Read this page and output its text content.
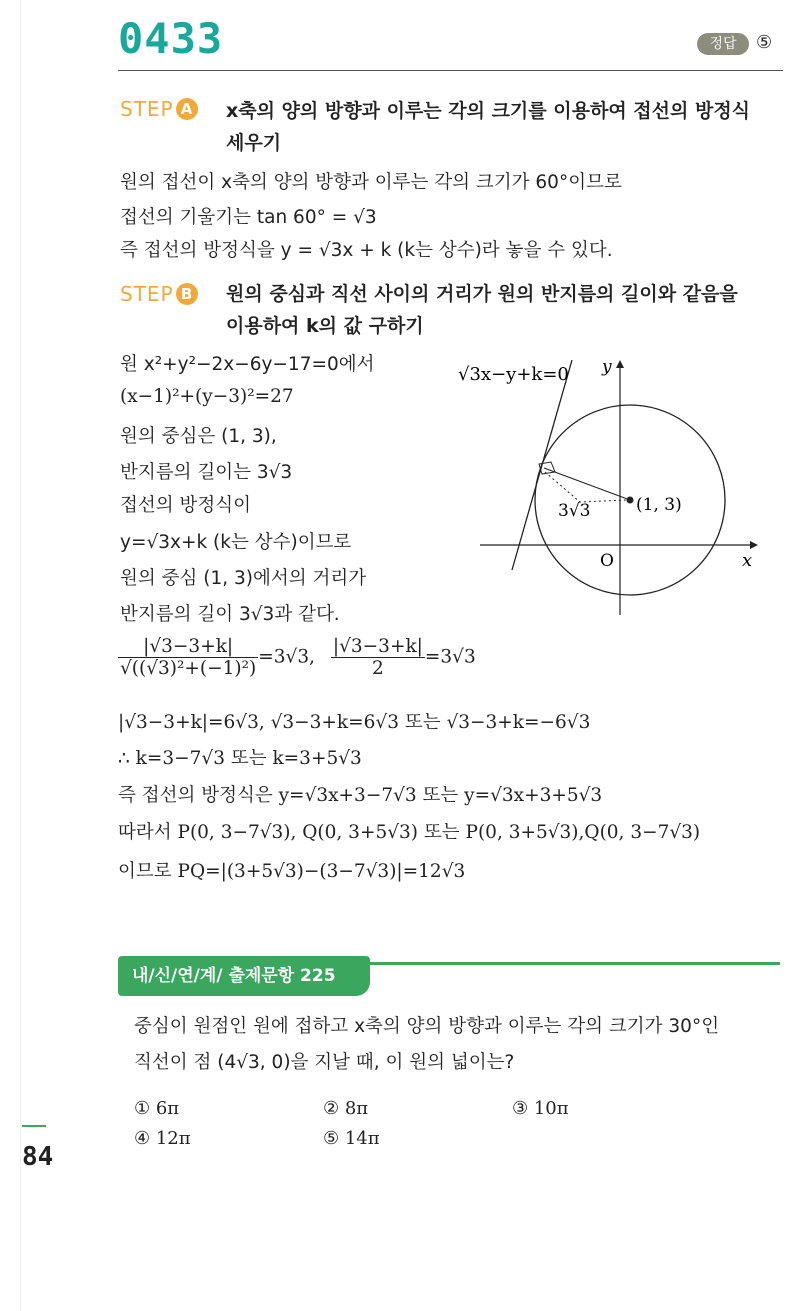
0433	정답	⑤
STEP A x축의 양의 방향과 이루는 각의 크기를 이용하여 접선의 방정식 세우기
원의 접선이 x축의 양의 방향과 이루는 각의 크기가 60°이므로
접선의 기울기는 tan 60° = √3
즉 접선의 방정식을 y = √3x + k (k는 상수)라 놓을 수 있다.
STEP B 원의 중심과 직선 사이의 거리가 원의 반지름의 길이와 같음을 이용하여 k의 값 구하기
원 x²+y²−2x−6y−17=0에서
(x−1)²+(y−3)²=27
원의 중심은 (1, 3),
반지름의 길이는 3√3
접선의 방정식이
y=√3x+k (k는 상수)이므로
원의 중심 (1, 3)에서의 거리가
반지름의 길이 3√3과 같다.
$\frac{|√3-3+k|}{\text{√((√3)²+(−1)²)}} =3√3$, $\frac{|√3-3+k|}{2} =3√3$
|√3−3+k|=6√3, √3−3+k=6√3 또는 √3−3+k=−6√3
∴ k=3−7√3 또는 k=3+5√3
즉 접선의 방정식은 y=√3x+3−7√3 또는 y=√3x+3+5√3
따라서 P(0, 3−7√3), Q(0, 3+5√3) 또는 P(0, 3+5√3),Q(0, 3−7√3)
이므로 PQ=|(3+5√3)−(3−7√3)|=12√3
√3x−y+k=0 y
x
O
3√3	(1, 3)
내/신/연/계/ 출제문항 225
중심이 원점인 원에 접하고 x축의 양의 방향과 이루는 각의 크기가 30°인
직선이 점 (4√3, 0)을 지날 때, 이 원의 넓이는?
① 6π	② 8π	③ 10π
④ 12π	⑤ 14π
84
